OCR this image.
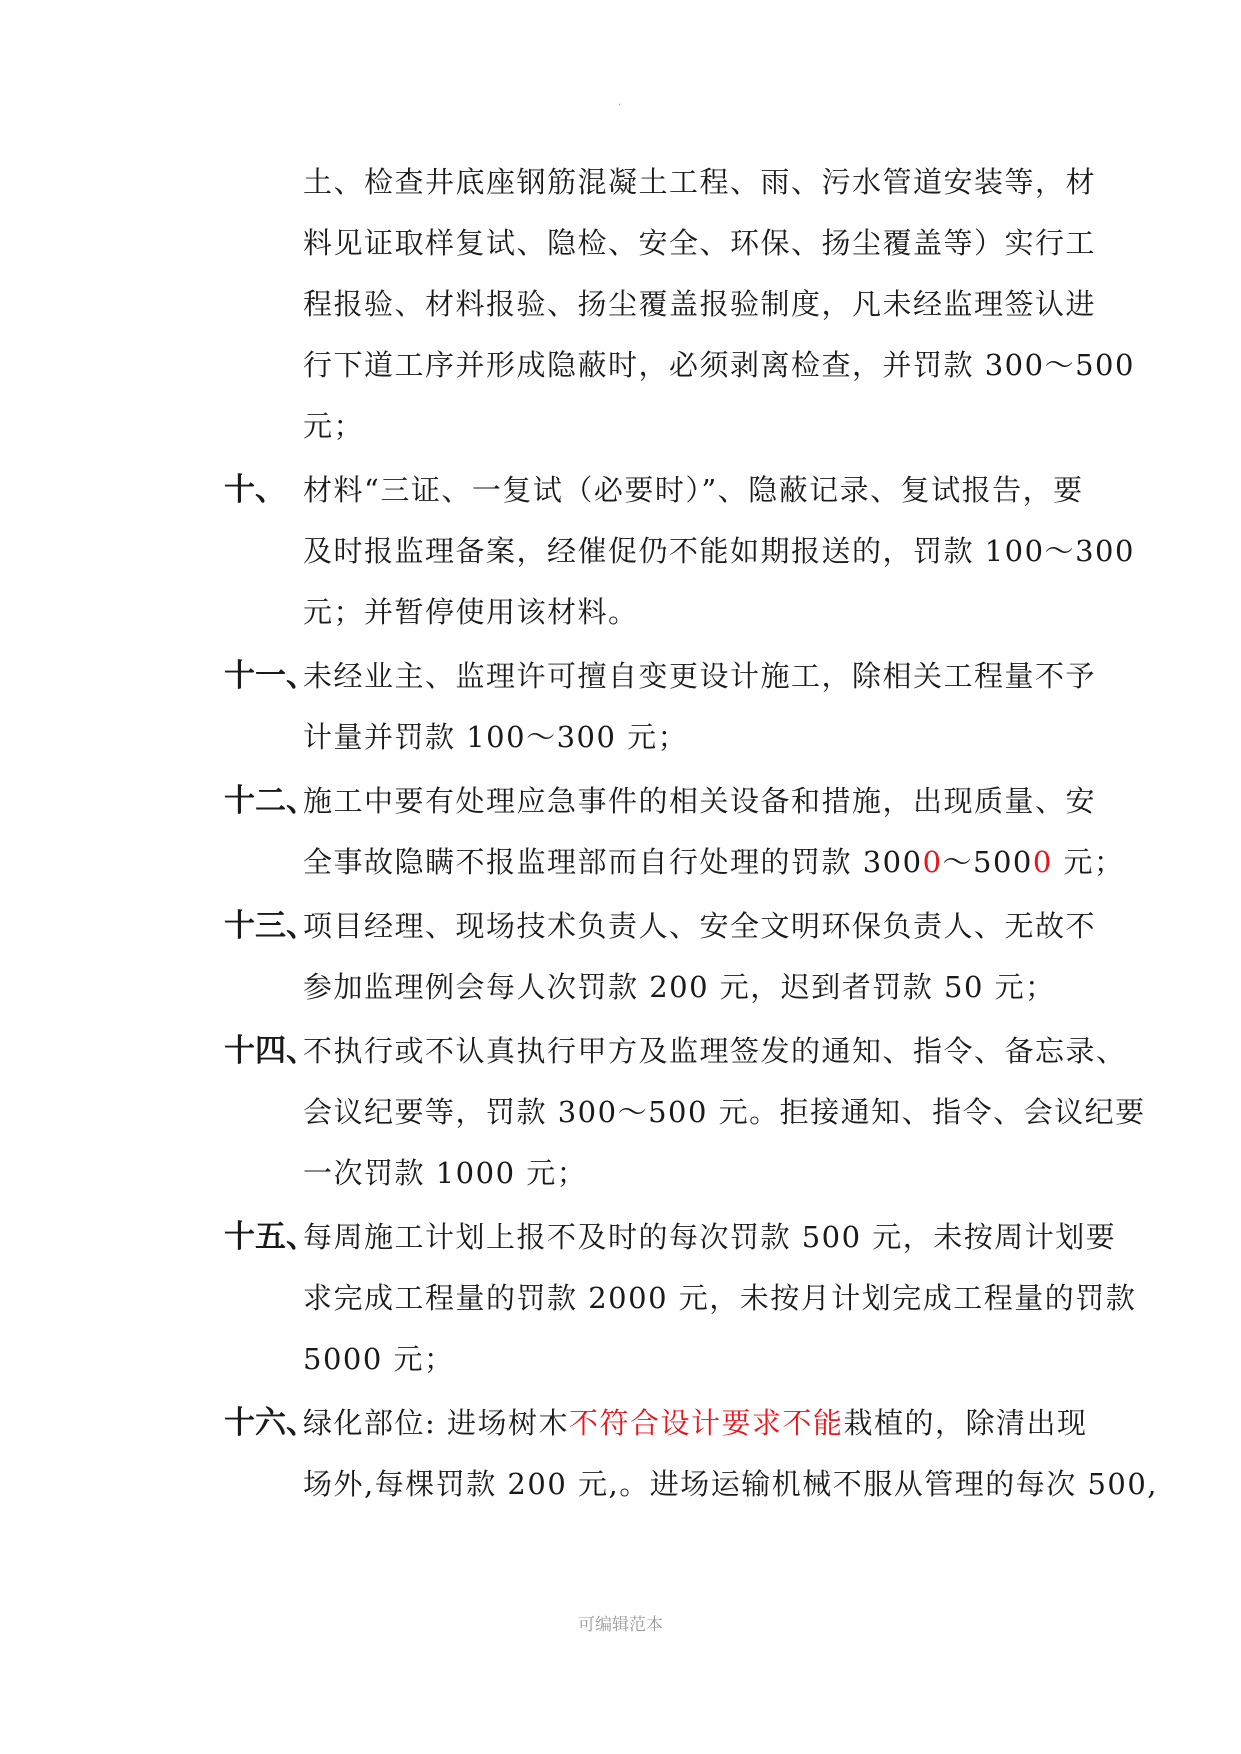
·
土、检查井底座钢筋混凝土工程、雨、污水管道安装等，材
料见证取样复试、隐检、安全、环保、扬尘覆盖等）实行工
程报验、材料报验、扬尘覆盖报验制度，凡未经监理签认进
行下道工序并形成隐蔽时，必须剥离检查，并罚款 300～500
元；
十、 材料“三证、一复试（必要时）”、隐蔽记录、复试报告，要
及时报监理备案，经催促仍不能如期报送的，罚款 100～300
元；并暂停使用该材料。
十一、
未经业主、监理许可擅自变更设计施工，除相关工程量不予
计量并罚款 100～300 元；
十二、
施工中要有处理应急事件的相关设备和措施，出现质量、安
全事故隐瞒不报监理部而自行处理的罚款 3000～5000 元；
十三、
项目经理、现场技术负责人、安全文明环保负责人、无故不
参加监理例会每人次罚款 200 元，迟到者罚款 50 元；
十四、
不执行或不认真执行甲方及监理签发的通知、指令、备忘录、
会议纪要等，罚款 300～500 元。拒接通知、指令、会议纪要
一次罚款 1000 元；
十五、
每周施工计划上报不及时的每次罚款 500 元，未按周计划要
求完成工程量的罚款 2000 元，未按月计划完成工程量的罚款
5000 元；
十六、
绿化部位: 进场树木不符合设计要求不能栽植的，除清出现
场外,每棵罚款 200 元,。进场运输机械不服从管理的每次 500,
可编辑范本
